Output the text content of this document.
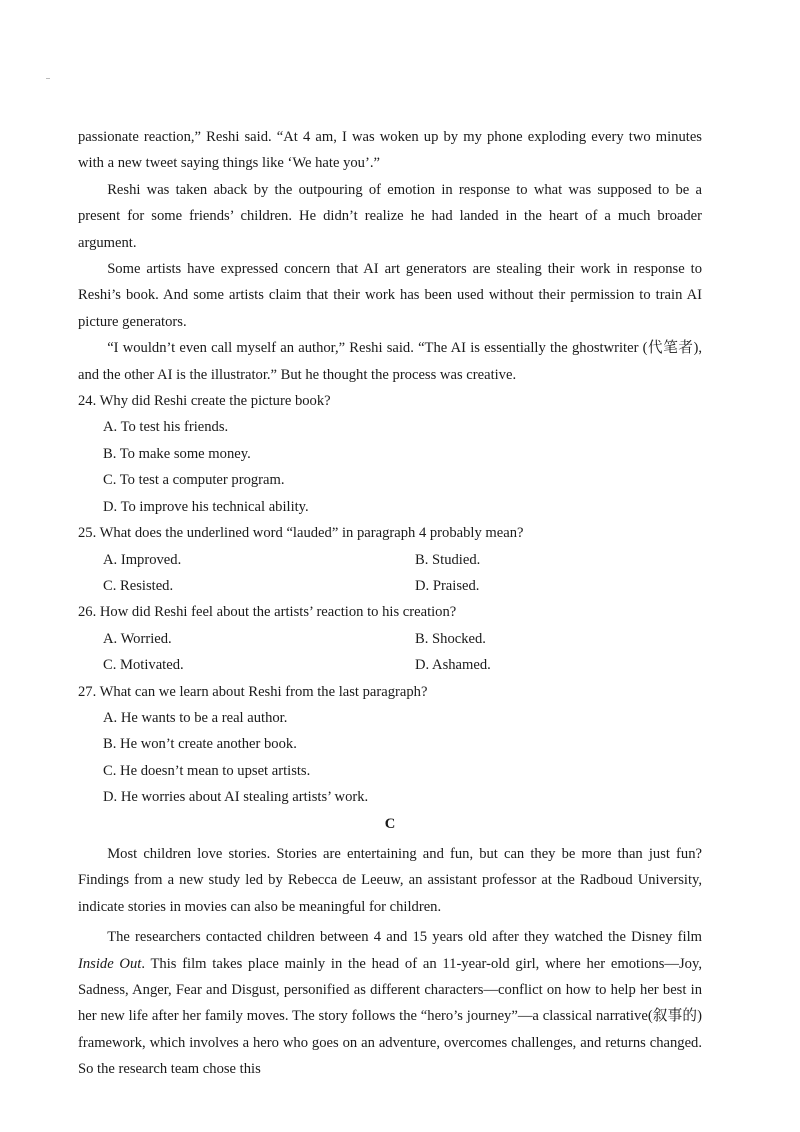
passionate reaction,” Reshi said. “At 4 am, I was woken up by my phone exploding every two minutes with a new tweet saying things like ‘We hate you’.”

Reshi was taken aback by the outpouring of emotion in response to what was supposed to be a present for some friends’ children. He didn’t realize he had landed in the heart of a much broader argument.

Some artists have expressed concern that AI art generators are stealing their work in response to Reshi’s book. And some artists claim that their work has been used without their permission to train AI picture generators.

“I wouldn’t even call myself an author,” Reshi said. “The AI is essentially the ghostwriter (代笔者), and the other AI is the illustrator.” But he thought the process was creative.

24. Why did Reshi create the picture book?

A. To test his friends.

B. To make some money.

C. To test a computer program.

D. To improve his technical ability.

25. What does the underlined word “lauded” in paragraph 4 probably mean?

A. Improved.	B. Studied.

C. Resisted.	D. Praised.

26. How did Reshi feel about the artists’ reaction to his creation?

A. Worried.	B. Shocked.

C. Motivated.	D. Ashamed.

27. What can we learn about Reshi from the last paragraph?

A. He wants to be a real author.

B. He won’t create another book.

C. He doesn’t mean to upset artists.

D. He worries about AI stealing artists’ work.

C

Most children love stories. Stories are entertaining and fun, but can they be more than just fun? Findings from a new study led by Rebecca de Leeuw, an assistant professor at the Radboud University, indicate stories in movies can also be meaningful for children.

The researchers contacted children between 4 and 15 years old after they watched the Disney film Inside Out. This film takes place mainly in the head of an 11-year-old girl, where her emotions—Joy, Sadness, Anger, Fear and Disgust, personified as different characters—conflict on how to help her best in her new life after her family moves. The story follows the “hero’s journey”—a classical narrative(叙事的) framework, which involves a hero who goes on an adventure, overcomes challenges, and returns changed. So the research team chose this
